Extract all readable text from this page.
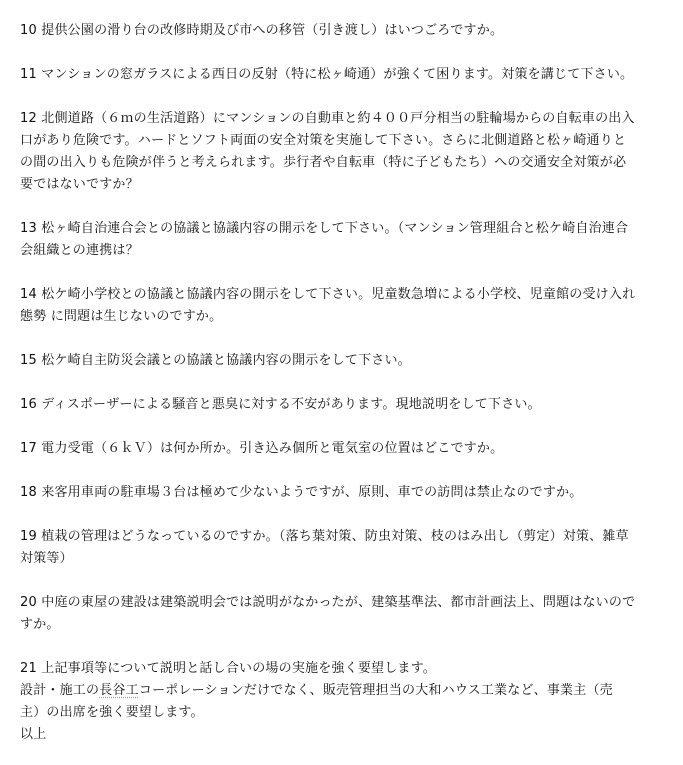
10 提供公園の滑り台の改修時期及び市への移管（引き渡し）はいつごろですか。
11 マンションの窓ガラスによる西日の反射（特に松ヶ崎通）が強くて困ります。対策を講じて下さい。
12 北側道路（６ｍの生活道路）にマンションの自動車と約４００戸分相当の駐輪場からの自転車の出入
口があり危険です。ハードとソフト両面の安全対策を実施して下さい。さらに北側道路と松ヶ崎通りと
の間の出入りも危険が伴うと考えられます。歩行者や自転車（特に子どもたち）への交通安全対策が必
要ではないですか？
13 松ヶ崎自治連合会との協議と協議内容の開示をして下さい。（マンション管理組合と松ケ崎自治連合
会組織との連携は？
14 松ケ崎小学校との協議と協議内容の開示をして下さい。児童数急増による小学校、児童館の受け入れ
態勢 に問題は生じないのですか。
15 松ケ崎自主防災会議との協議と協議内容の開示をして下さい。
16 ディスポーザーによる騒音と悪臭に対する不安があります。現地説明をして下さい。
17 電力受電（６ｋＶ）は何か所か。引き込み個所と電気室の位置はどこですか。
18 来客用車両の駐車場３台は極めて少ないようですが、原則、車での訪問は禁止なのですか。
19 植栽の管理はどうなっているのですか。（落ち葉対策、防虫対策、枝のはみ出し（剪定）対策、雑草
対策等）
20 中庭の東屋の建設は建築説明会では説明がなかったが、建築基準法、都市計画法上、問題はないので
すか。
21 上記事項等について説明と話し合いの場の実施を強く要望します。
設計・施工の長谷工コーポレーションだけでなく、販売管理担当の大和ハウス工業など、事業主（売
主）の出席を強く要望します。
以上
